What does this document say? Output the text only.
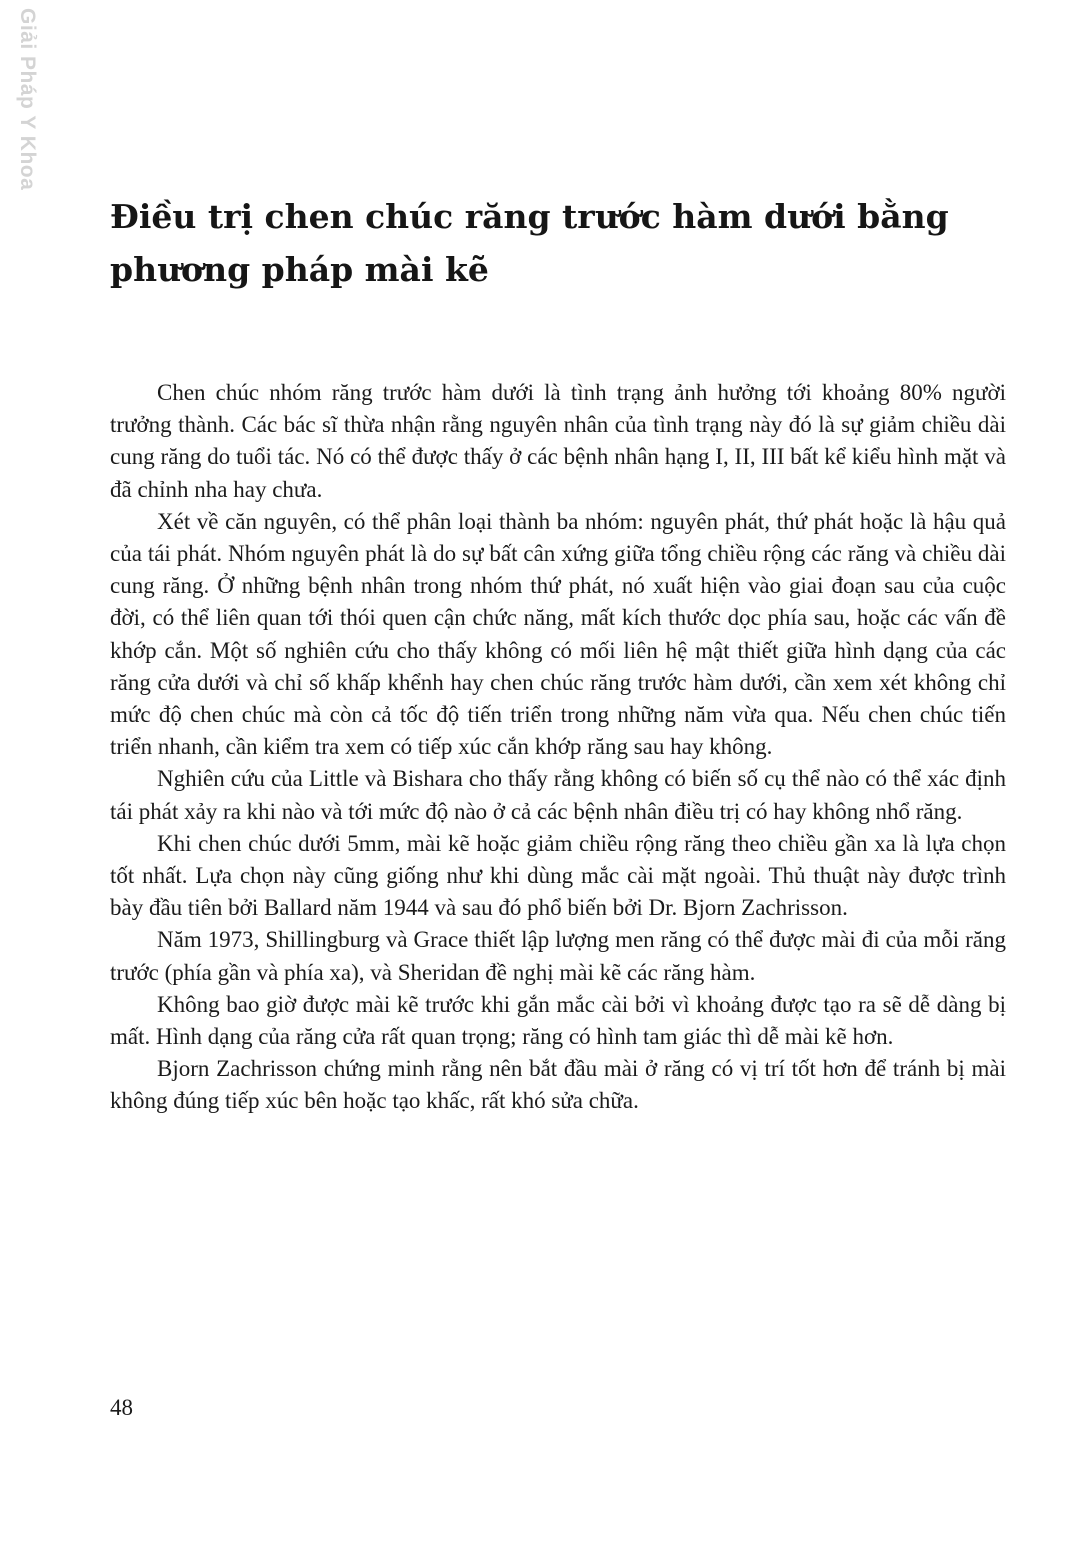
Giải Pháp Y Khoa
Điều trị chen chúc răng trước hàm dưới bằng phương pháp mài kẽ

Chen chúc nhóm răng trước hàm dưới là tình trạng ảnh hưởng tới khoảng 80% người trưởng thành. Các bác sĩ thừa nhận rằng nguyên nhân của tình trạng này đó là sự giảm chiều dài cung răng do tuổi tác. Nó có thể được thấy ở các bệnh nhân hạng I, II, III bất kể kiểu hình mặt và đã chỉnh nha hay chưa.

Xét về căn nguyên, có thể phân loại thành ba nhóm: nguyên phát, thứ phát hoặc là hậu quả của tái phát. Nhóm nguyên phát là do sự bất cân xứng giữa tổng chiều rộng các răng và chiều dài cung răng. Ở những bệnh nhân trong nhóm thứ phát, nó xuất hiện vào giai đoạn sau của cuộc đời, có thể liên quan tới thói quen cận chức năng, mất kích thước dọc phía sau, hoặc các vấn đề khớp cắn. Một số nghiên cứu cho thấy không có mối liên hệ mật thiết giữa hình dạng của các răng cửa dưới và chỉ số khấp khểnh hay chen chúc răng trước hàm dưới, cần xem xét không chỉ mức độ chen chúc mà còn cả tốc độ tiến triển trong những năm vừa qua. Nếu chen chúc tiến triển nhanh, cần kiểm tra xem có tiếp xúc cắn khớp răng sau hay không.

Nghiên cứu của Little và Bishara cho thấy rằng không có biến số cụ thể nào có thể xác định tái phát xảy ra khi nào và tới mức độ nào ở cả các bệnh nhân điều trị có hay không nhổ răng.

Khi chen chúc dưới 5mm, mài kẽ hoặc giảm chiều rộng răng theo chiều gần xa là lựa chọn tốt nhất. Lựa chọn này cũng giống như khi dùng mắc cài mặt ngoài. Thủ thuật này được trình bày đầu tiên bởi Ballard năm 1944 và sau đó phổ biến bởi Dr. Bjorn Zachrisson.

Năm 1973, Shillingburg và Grace thiết lập lượng men răng có thể được mài đi của mỗi răng trước (phía gần và phía xa), và Sheridan đề nghị mài kẽ các răng hàm.

Không bao giờ được mài kẽ trước khi gắn mắc cài bởi vì khoảng được tạo ra sẽ dễ dàng bị mất. Hình dạng của răng cửa rất quan trọng; răng có hình tam giác thì dễ mài kẽ hơn.

Bjorn Zachrisson chứng minh rằng nên bắt đầu mài ở răng có vị trí tốt hơn để tránh bị mài không đúng tiếp xúc bên hoặc tạo khấc, rất khó sửa chữa.

48
